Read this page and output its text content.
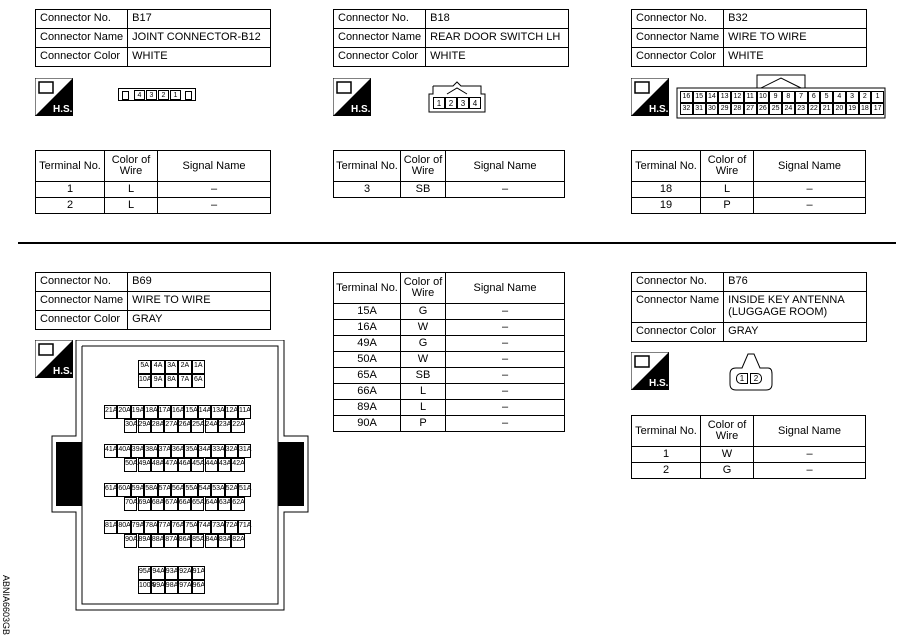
Connector No.	B17
Connector Name	JOINT CONNECTOR-B12
Connector Color	WHITE
H.S.
4	3	2	1
Terminal No.	Color of Wire	Signal Name
1	L	–
2	L	–
Connector No.	B18
Connector Name	REAR DOOR SWITCH LH
Connector Color	WHITE
H.S.
1 2 3 4
Terminal No.	Color of Wire	Signal Name
3	SB	–
Connector No.	B32
Connector Name	WIRE TO WIRE
Connector Color	WHITE
H.S.
16 15 14 13 12 11 10 9	8	7	6	5	4	3	2	1
32 31 30 29 28 27 26 25 24 23 22 21 20 19 18 17
Terminal No.	Color of Wire	Signal Name
18	L	–
19	P	–
Connector No.	B69
Connector Name	WIRE TO WIRE
Connector Color	GRAY
H.S.
5A 4A 3A 2A 1A
10A 9A 8A 7A 6A
21A 20A 19A 18A 17A 16A 15A 14A 13A 12A 11A
30A 29A 28A 27A 26A 25A 24A 23A 22A
41A 40A 39A 38A 37A 36A 35A 34A 33A 32A 31A
50A 49A 48A 47A 46A 45A 44A 43A 42A
61A 60A 59A 58A 57A 56A 55A 54A 53A 52A 51A
70A 69A 68A 67A 66A 65A 64A 63A 62A
81A 80A 79A 78A 77A 76A 75A 74A 73A 72A 71A
90A 89A 88A 87A 86A 85A 84A 83A 82A
95A 94A 93A 92A 91A
100A
99A 98A 97A 96A
Terminal No.	Color of Wire	Signal Name
15A	G	–
16A	W	–
49A	G	–
50A	W	–
65A	SB	–
66A	L	–
89A	L	–
90A	P	–
Connector No.	B76
Connector Name	INSIDE KEY ANTENNA (LUGGAGE ROOM)
Connector Color	GRAY
H.S.	1	2
Terminal No.	Color of Wire	Signal Name
1	W	–
2	G	–
ABNIA6603GB
